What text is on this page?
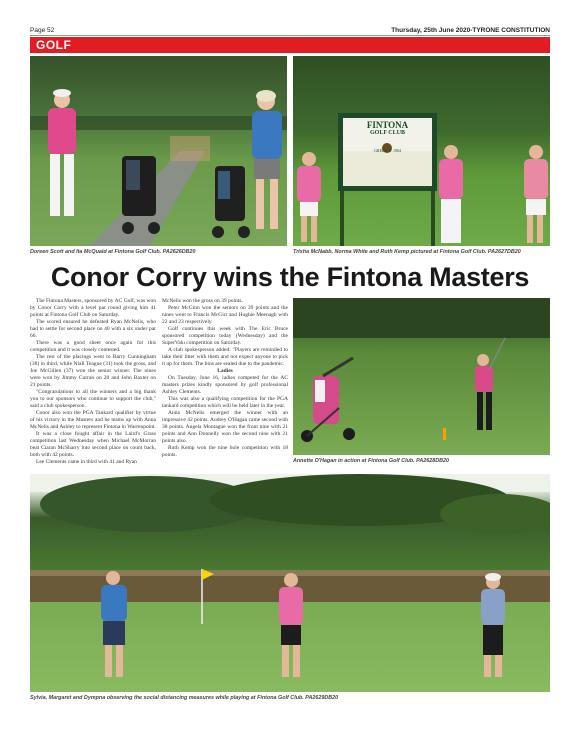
Page 52	Thursday, 25th June 2020-TYRONE CONSTITUTION
GOLF
Doreen Scott and Ita McQuaid at Fintona Golf Club. PA2626DB20
FINTONA
GOLF CLUB
GREEN ★ 1904
Trisha McNabb, Norma White and Ruth Kemp pictured at Fintona Golf Club. PA2627DB20
Conor Corry wins the Fintona Masters

The Fintona Masters, sponsored by AC Golf, was won by Conor Corry with a level par round giving him 41 points at Fintona Golf Club on Saturday.

The scored ensured he defeated Ryan McNelis, who had to settle for second place on 40 with a six under par 66.

There was a good sheet once again for this competition and it was closely contested.

The rest of the placings went to Barry Cunningham (38) in third, while Niall Teague (31) took the gross, and Joe McGillen (37) won the senior winner. The nines were won by Jimmy Curran on 20 and John Baxter on 21 points.

"Congratulations to all the winners and a big thank you to our sponsors who continue to support the club," said a club spokesperson.

Conor also won the PGA Tankard qualifier by virtue of his victory in the Masters and he teams up with Anna McNelis and Ashley to represent Fintona in Warrenpoint.

It was a close fought affair in the Laird's Grass competition last Wednesday when Michael McMorran beat Ciaran McSharry into second place on count back, both with 42 points.

Lee Clements came in third with 41 and Ryan

McNelis won the gross on 39 points.

Peter McGinn won the seniors on 39 points and the nines went to Francis McGirr and Hughie Meenagh with 22 and 23 respectively.

Golf continues this week with The Eric Bruce sponsored competition today (Wednesday) and the SuperValu competition on Saturday.

A club spokesperson added: "Players are reminded to take their litter with them and not expect anyone to pick it up for them. The bins are sealed due to the pandemic.

Ladies

On Tuesday, June 16, ladies competed for the AC masters prizes kindly sponsored by golf professional Ashley Clements.

This was also a qualifying competition for the PGA tankard competition which will be held later in the year.

Anna McNelis emerged the winner with an impressive 42 points. Audrey O'Hagan came second with 38 points. Angela Montague won the front nine with 21 points and Ann Donnelly won the second nine with 21 points also.

Ruth Kemp won the nine hole competition with 18 points.

Annette O'Hagan in action at Fintona Golf Club. PA2628DB20
Sylvia, Margaret and Dympna observing the social distancing measures while playing at Fintona Golf Club. PA2629DB20
